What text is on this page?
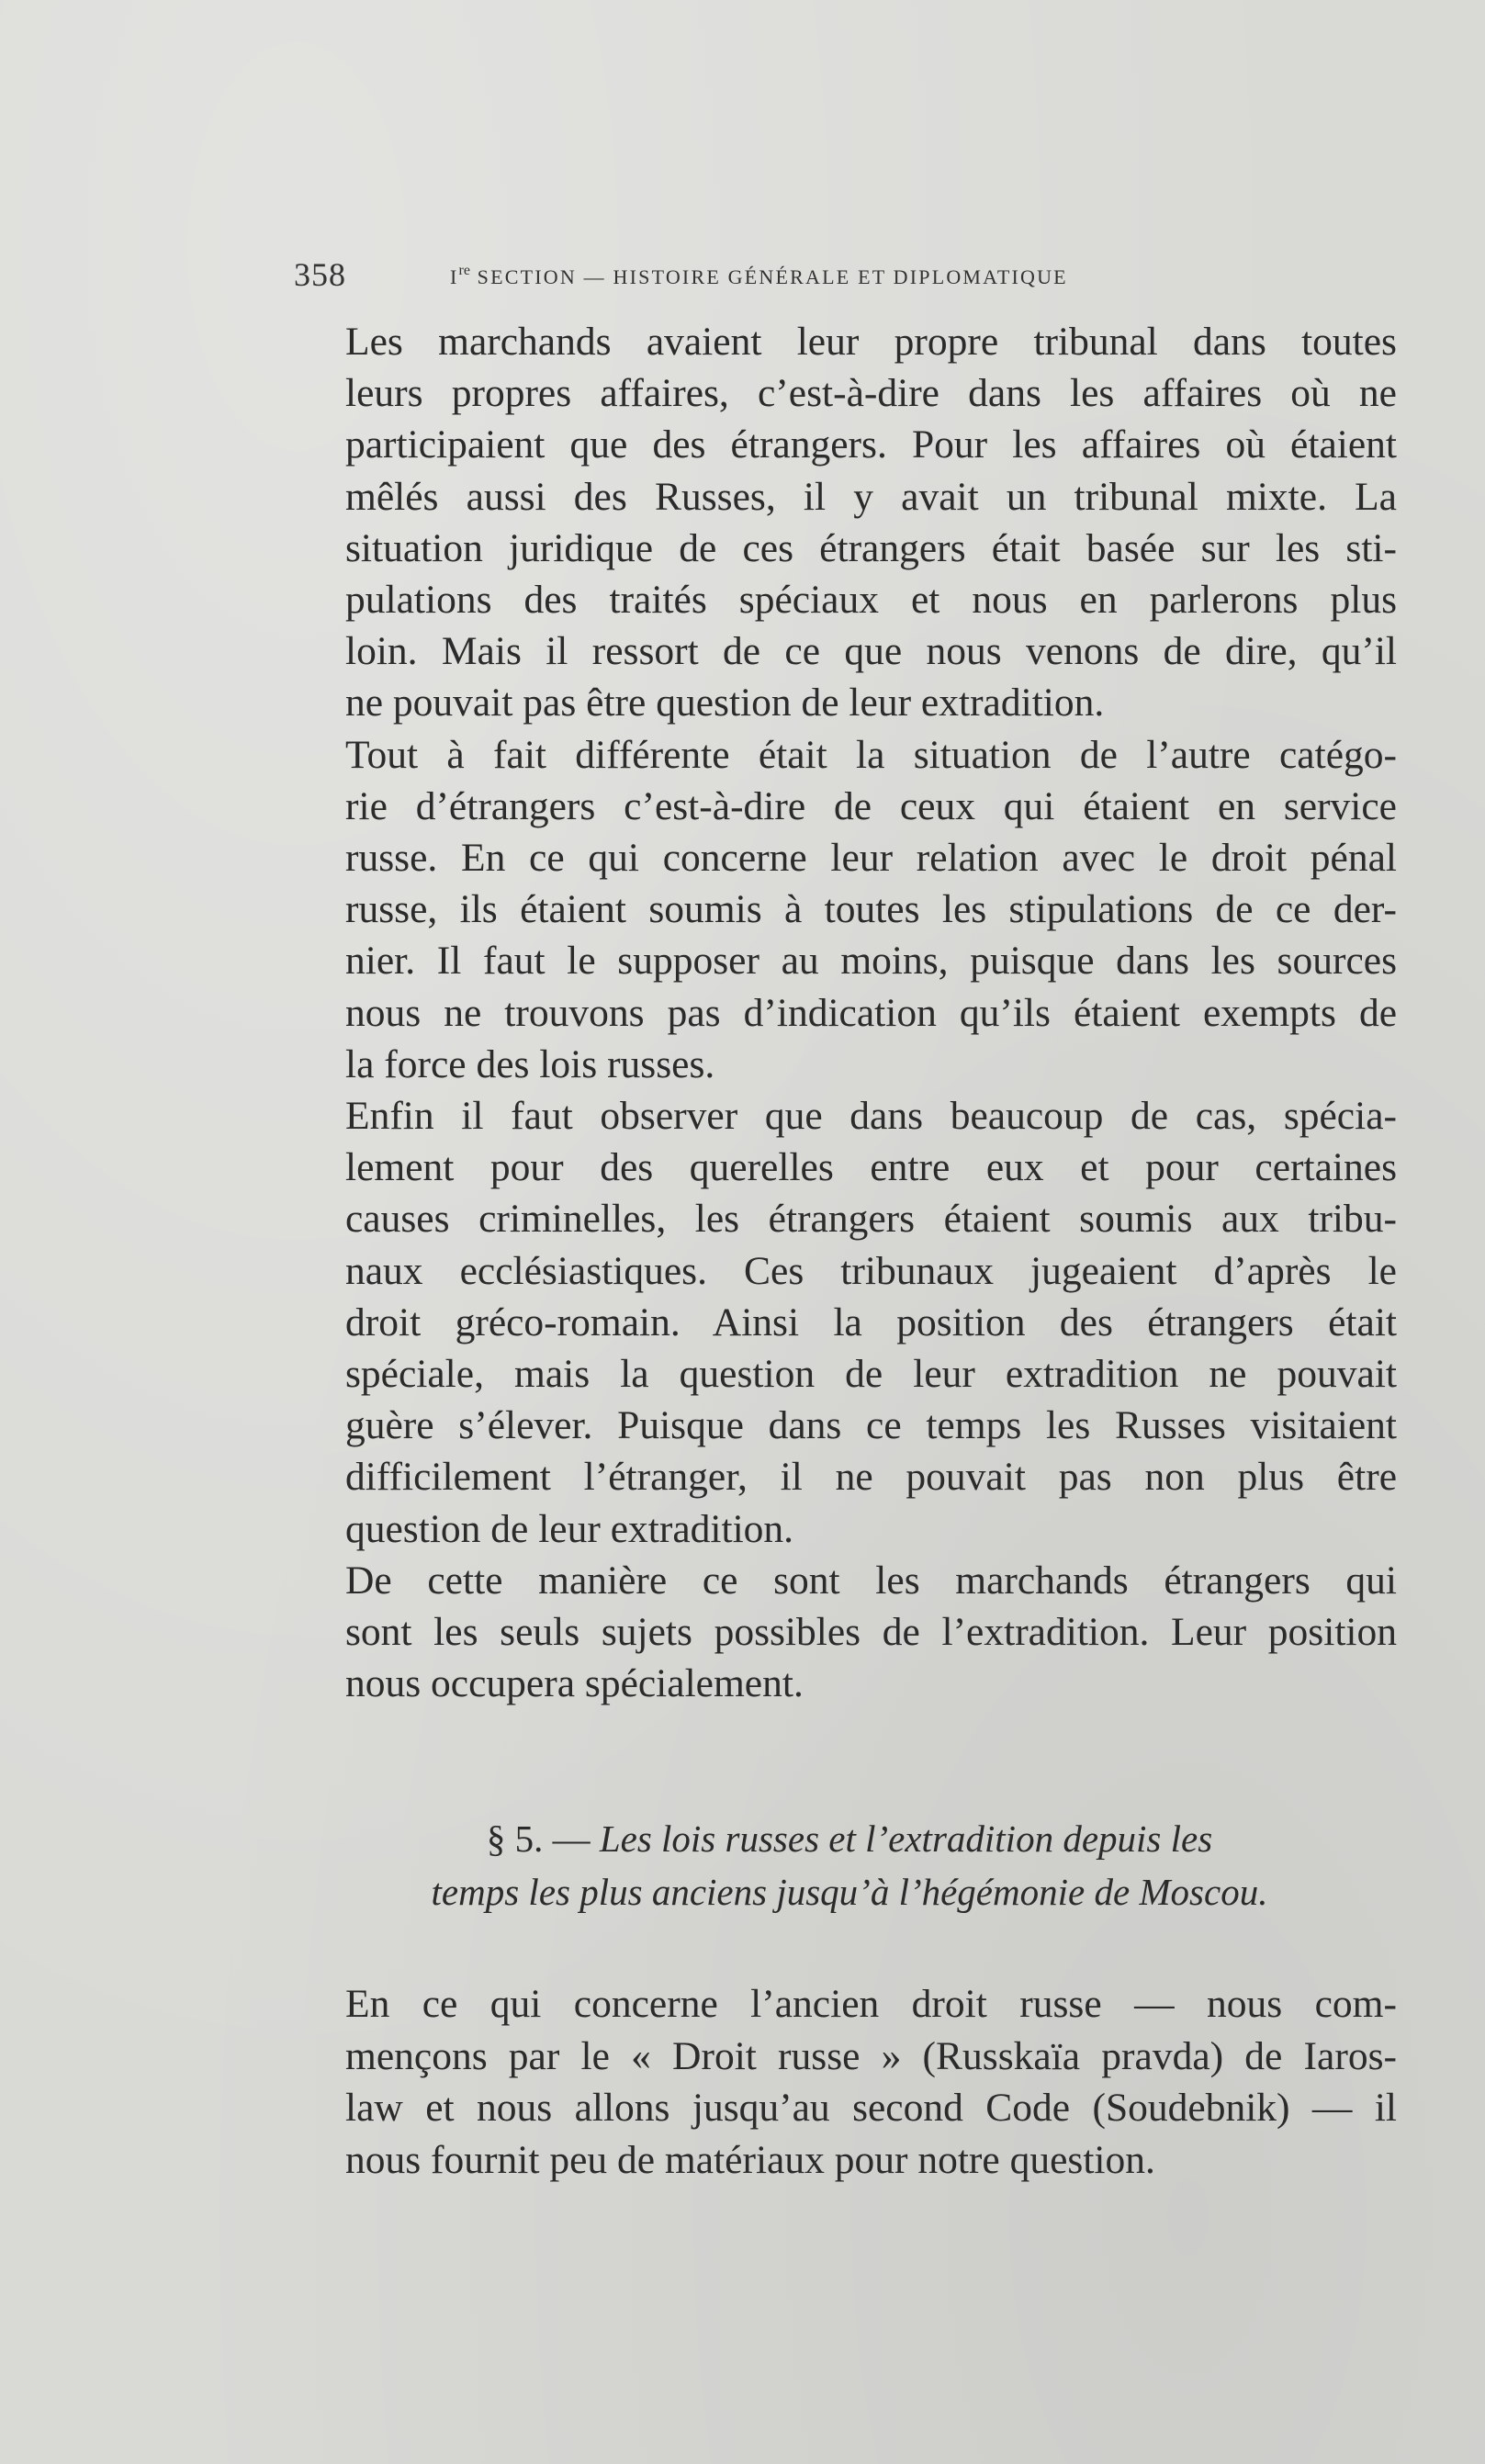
358	Ire SECTION — HISTOIRE GÉNÉRALE ET DIPLOMATIQUE

Les marchands avaient leur propre tribunal dans toutes
leurs propres affaires, c’est-à-dire dans les affaires où ne
participaient que des étrangers. Pour les affaires où étaient
mêlés aussi des Russes, il y avait un tribunal mixte. La
situation juridique de ces étrangers était basée sur les sti-
pulations des traités spéciaux et nous en parlerons plus
loin. Mais il ressort de ce que nous venons de dire, qu’il
ne pouvait pas être question de leur extradition.

Tout à fait différente était la situation de l’autre catégo-
rie d’étrangers c’est-à-dire de ceux qui étaient en service
russe. En ce qui concerne leur relation avec le droit pénal
russe, ils étaient soumis à toutes les stipulations de ce der-
nier. Il faut le supposer au moins, puisque dans les sources
nous ne trouvons pas d’indication qu’ils étaient exempts de
la force des lois russes.

Enfin il faut observer que dans beaucoup de cas, spécia-
lement pour des querelles entre eux et pour certaines
causes criminelles, les étrangers étaient soumis aux tribu-
naux ecclésiastiques. Ces tribunaux jugeaient d’après le
droit gréco-romain. Ainsi la position des étrangers était
spéciale, mais la question de leur extradition ne pouvait
guère s’élever. Puisque dans ce temps les Russes visitaient
difficilement l’étranger, il ne pouvait pas non plus être
question de leur extradition.

De cette manière ce sont les marchands étrangers qui
sont les seuls sujets possibles de l’extradition. Leur position
nous occupera spécialement.

§ 5. — Les lois russes et l’extradition depuis les
temps les plus anciens jusqu’à l’hégémonie de Moscou.

En ce qui concerne l’ancien droit russe — nous com-
mençons par le « Droit russe » (Russkaïa pravda) de Iaros-
law et nous allons jusqu’au second Code (Soudebnik) — il
nous fournit peu de matériaux pour notre question.
